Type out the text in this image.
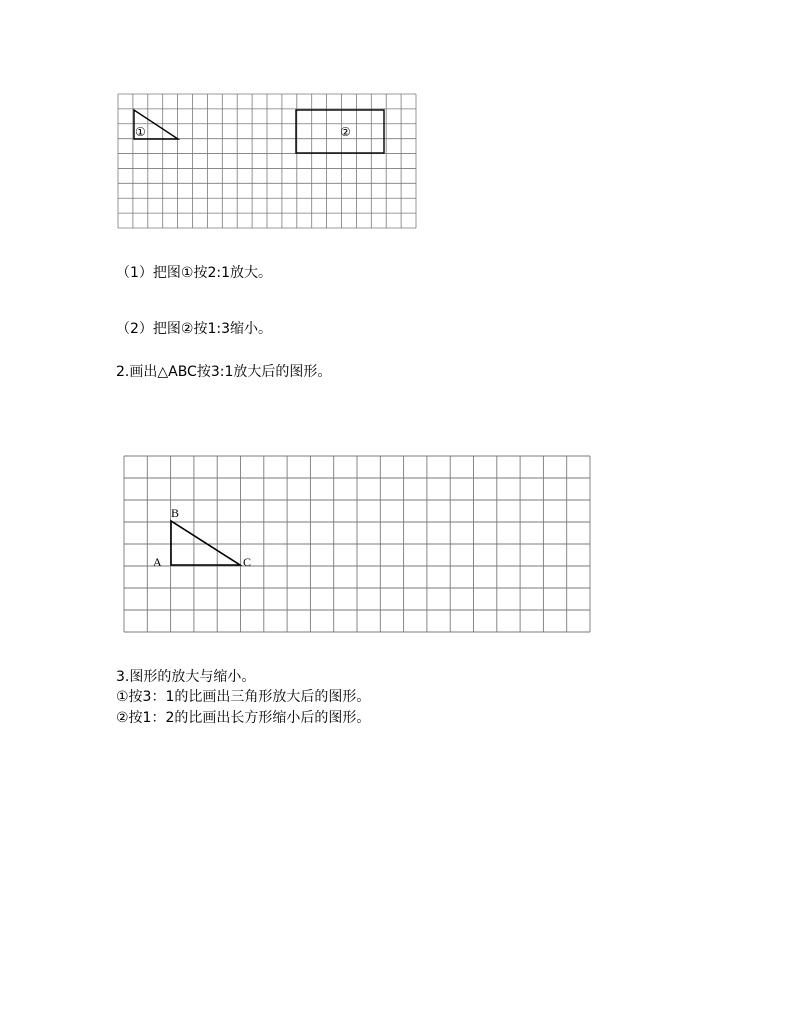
①	②
（1）把图①按2:1放大。
（2）把图②按1:3缩小。
2.画出△ABC按3:1放大后的图形。
A
B
C
3.图形的放大与缩小。
①按3：1的比画出三角形放大后的图形。
②按1：2的比画出长方形缩小后的图形。
